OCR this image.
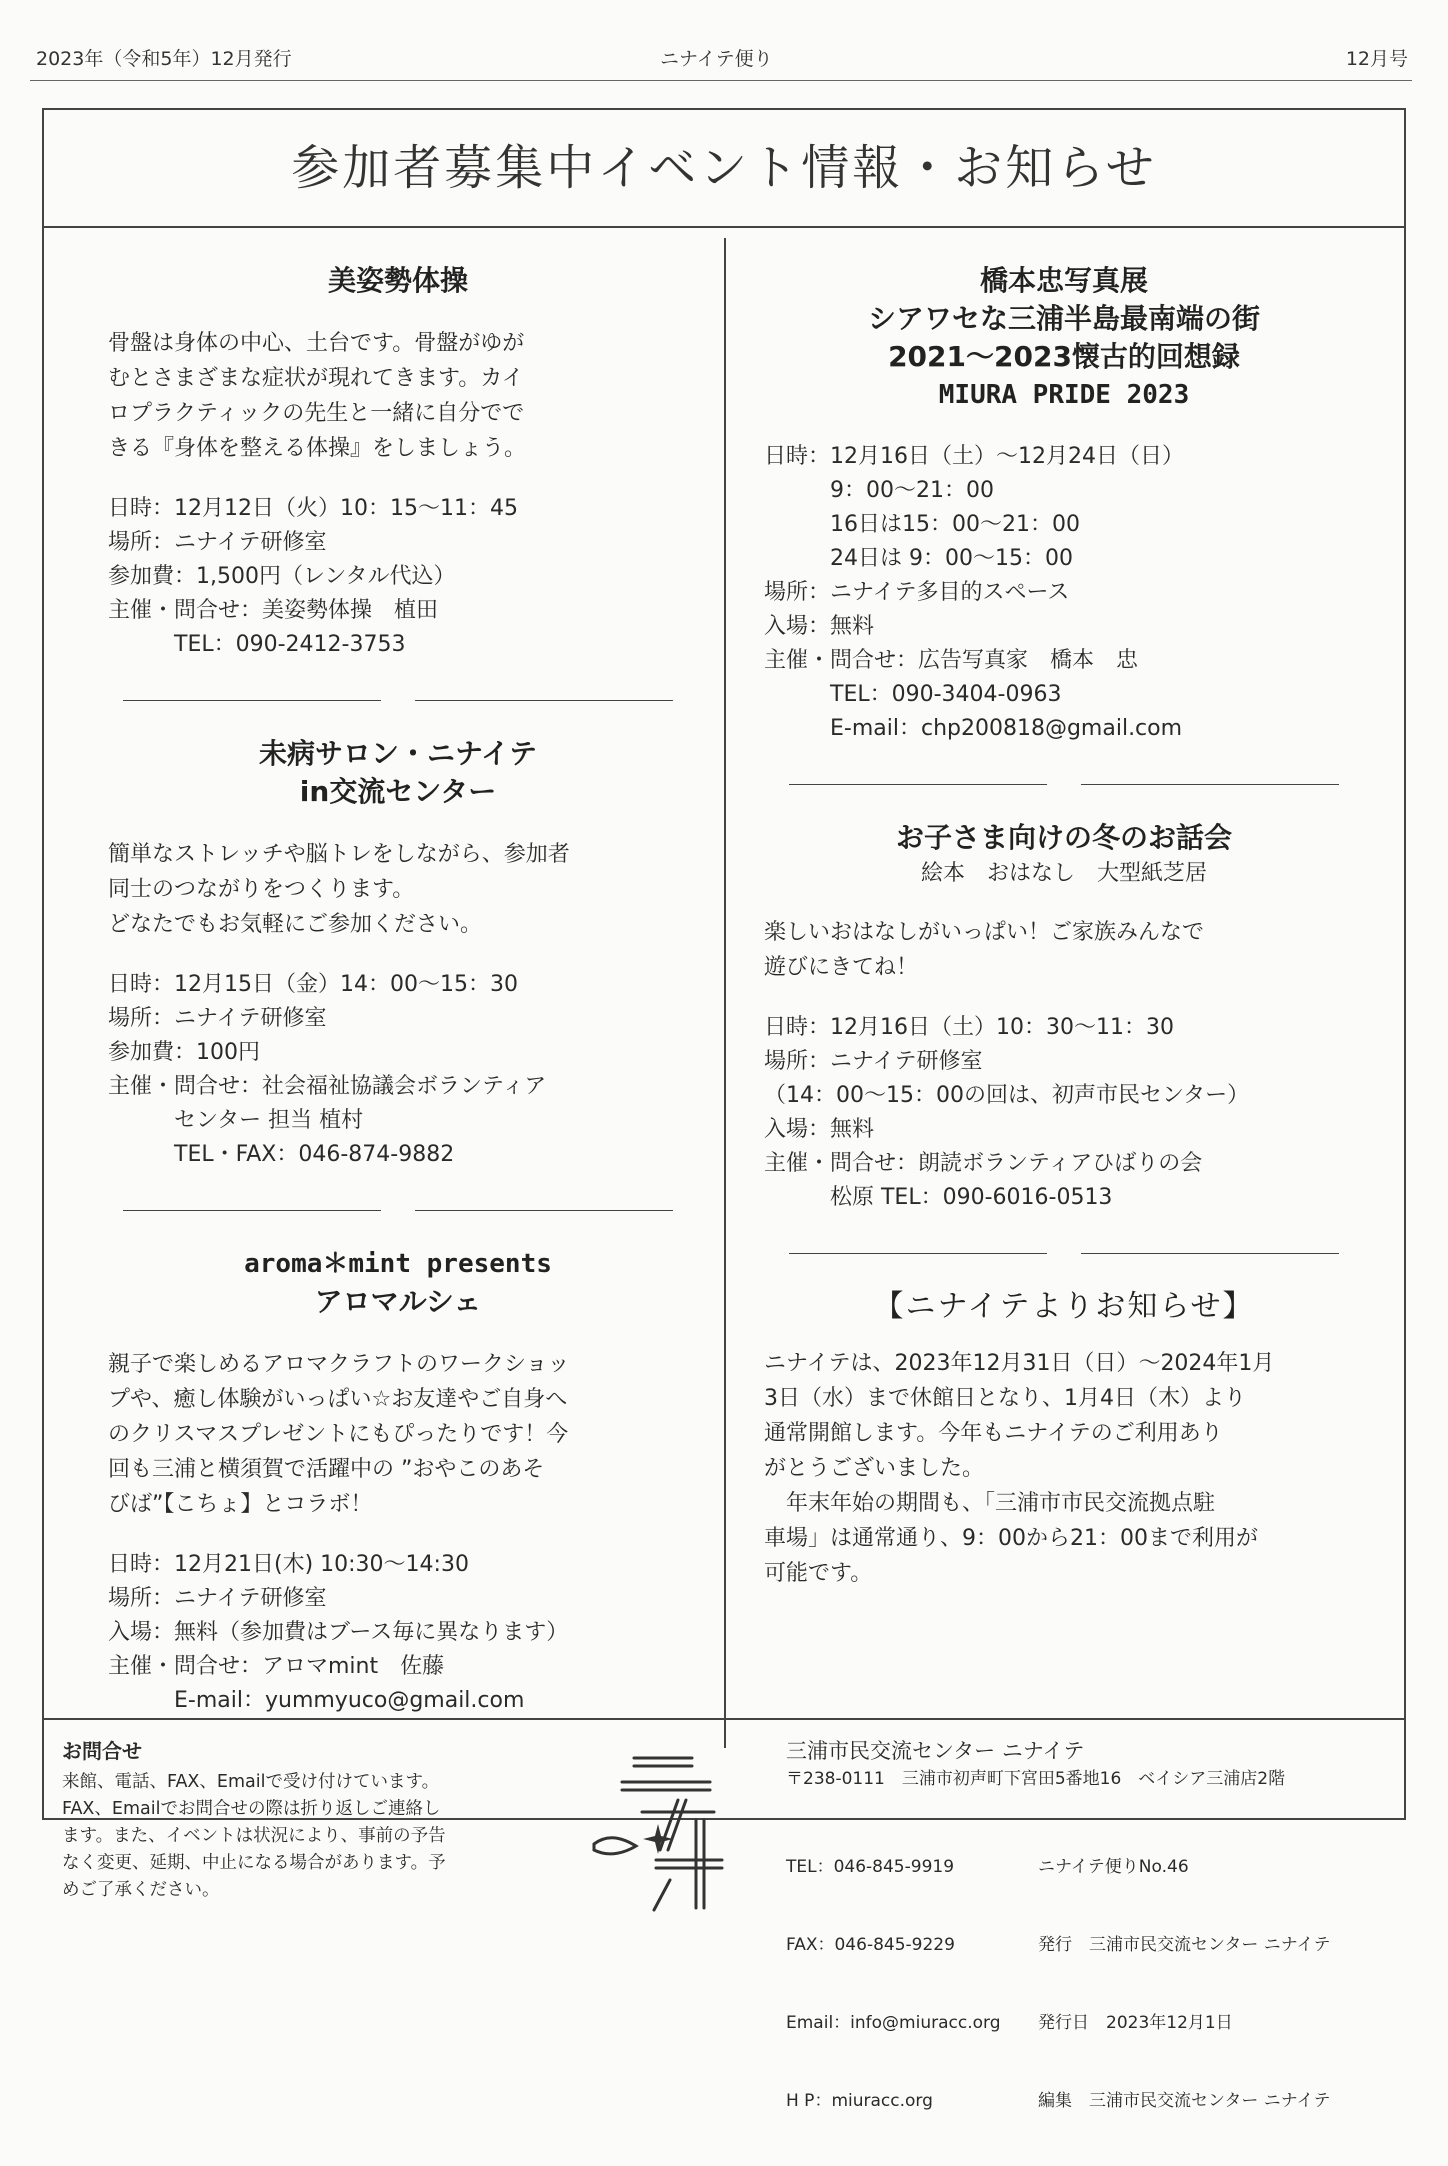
2023年（令和5年）12月発行	ニナイテ便り	12月号
参加者募集中イベント情報・お知らせ
美姿勢体操
骨盤は身体の中心、土台です。骨盤がゆが
むとさまざまな症状が現れてきます。カイ
ロプラクティックの先生と一緒に自分でで
きる『身体を整える体操』をしましょう。
日時：12月12日（火）10：15～11：45
場所：ニナイテ研修室
参加費：1,500円（レンタル代込）
主催・問合せ：美姿勢体操　植田
　　　TEL：090-2412-3753
未病サロン・ニナイテ
in交流センター
簡単なストレッチや脳トレをしながら、参加者
同士のつながりをつくります。
どなたでもお気軽にご参加ください。
日時：12月15日（金）14：00～15：30
場所：ニナイテ研修室
参加費：100円
主催・問合せ：社会福祉協議会ボランティア
　　　センター 担当 植村
　　　TEL・FAX：046-874-9882
aroma＊mint presents
アロマルシェ
親子で楽しめるアロマクラフトのワークショッ
プや、癒し体験がいっぱい☆お友達やご自身へ
のクリスマスプレゼントにもぴったりです！今
回も三浦と横須賀で活躍中の ”おやこのあそ
びば”【こちょ】とコラボ！
日時：12月21日(木) 10:30～14:30
場所：ニナイテ研修室
入場：無料（参加費はブース毎に異なります）
主催・問合せ：アロマmint　佐藤
　　　E-mail：yummyuco@gmail.com
橋本忠写真展
シアワセな三浦半島最南端の街
2021～2023懐古的回想録
MIURA PRIDE 2023
日時：12月16日（土）～12月24日（日）
　　　9：00～21：00
　　　16日は15：00～21：00
　　　24日は 9：00～15：00
場所：ニナイテ多目的スペース
入場：無料
主催・問合せ：広告写真家　橋本　忠
　　　TEL：090-3404-0963
　　　E-mail：chp200818@gmail.com
お子さま向けの冬のお話会
絵本　おはなし　大型紙芝居
楽しいおはなしがいっぱい！ご家族みんなで
遊びにきてね！
日時：12月16日（土）10：30～11：30
場所：ニナイテ研修室
（14：00～15：00の回は、初声市民センター）
入場：無料
主催・問合せ：朗読ボランティアひばりの会
　　　松原 TEL：090-6016-0513
【ニナイテよりお知らせ】
ニナイテは、2023年12月31日（日）～2024年1月
3日（水）まで休館日となり、1月4日（木）より
通常開館します。今年もニナイテのご利用あり
がとうございました。
　年末年始の期間も、「三浦市市民交流拠点駐
車場」は通常通り、9：00から21：00まで利用が
可能です。
お問合せ
来館、電話、FAX、Emailで受け付けています。
FAX、Emailでお問合せの際は折り返しご連絡し
ます。また、イベントは状況により、事前の予告
なく変更、延期、中止になる場合があります。予
めご了承ください。
三浦市民交流センター ニナイテ
〒238-0111　三浦市初声町下宮田5番地16　ベイシア三浦店2階

TEL：046-845-9919

FAX：046-845-9229

Email：info@miuracc.org

H P：miuracc.org

ニナイテ便りNo.46

発行　三浦市民交流センター ニナイテ

発行日　2023年12月1日

編集　三浦市民交流センター ニナイテ
